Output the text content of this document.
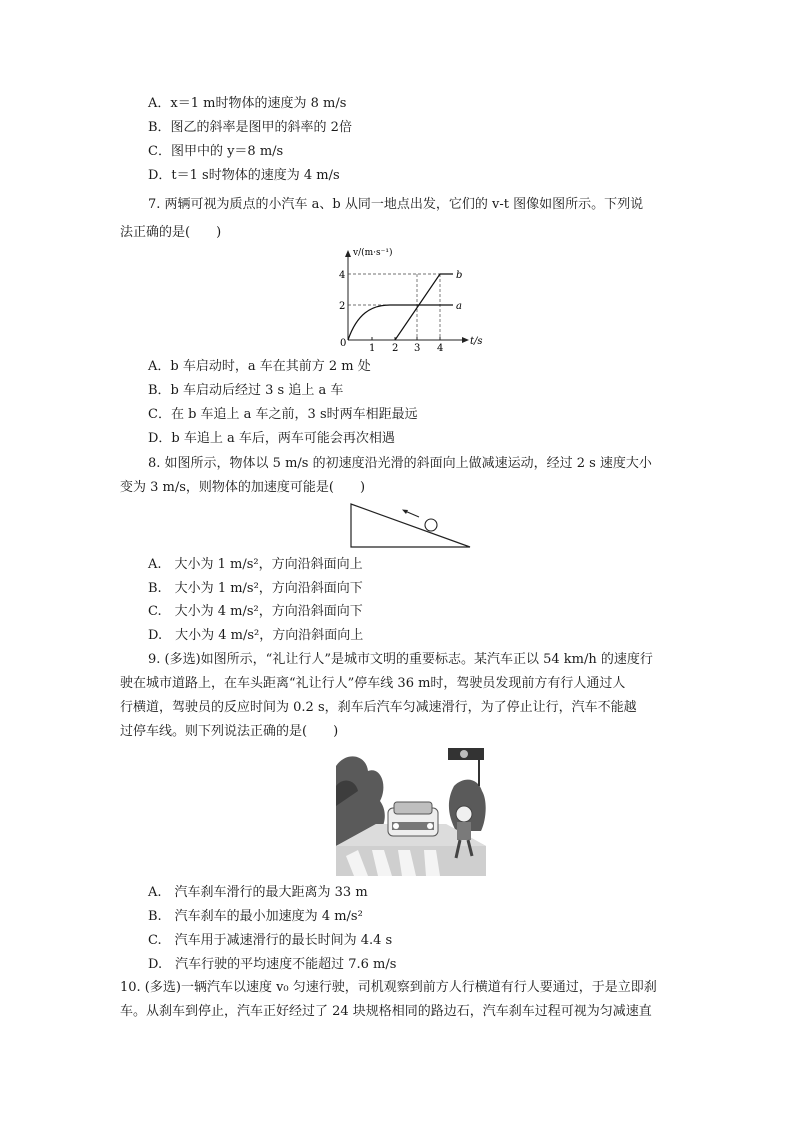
A．x＝1 m时物体的速度为 8 m/s
B．图乙的斜率是图甲的斜率的 2倍
C．图甲中的 y＝8 m/s
D．t＝1 s时物体的速度为 4 m/s
7. 两辆可视为质点的小汽车 a、b 从同一地点出发，它们的 v-t 图像如图所示。下列说
法正确的是(　　)
v/(m·s⁻¹)
t/s
0 1 2 3 4
2
4
a
b
A．b 车启动时，a 车在其前方 2 m 处
B．b 车启动后经过 3 s 追上 a 车
C．在 b 车追上 a 车之前，3 s时两车相距最远
D．b 车追上 a 车后，两车可能会再次相遇
8. 如图所示，物体以 5 m/s 的初速度沿光滑的斜面向上做减速运动，经过 2 s 速度大小
变为 3 m/s，则物体的加速度可能是(　　)
A.　大小为 1 m/s²，方向沿斜面向上
B.　大小为 1 m/s²，方向沿斜面向下
C.　大小为 4 m/s²，方向沿斜面向下
D.　大小为 4 m/s²，方向沿斜面向上
9. (多选)如图所示，“礼让行人”是城市文明的重要标志。某汽车正以 54 km/h 的速度行
驶在城市道路上，在车头距离“礼让行人”停车线 36 m时，驾驶员发现前方有行人通过人
行横道，驾驶员的反应时间为 0.2 s，刹车后汽车匀减速滑行，为了停止让行，汽车不能越
过停车线。则下列说法正确的是(　　)
A.　汽车刹车滑行的最大距离为 33 m
B.　汽车刹车的最小加速度为 4 m/s²
C.　汽车用于减速滑行的最长时间为 4.4 s
D.　汽车行驶的平均速度不能超过 7.6 m/s
10. (多选)一辆汽车以速度 v₀ 匀速行驶，司机观察到前方人行横道有行人要通过，于是立即刹
车。从刹车到停止，汽车正好经过了 24 块规格相同的路边石，汽车刹车过程可视为匀减速直
